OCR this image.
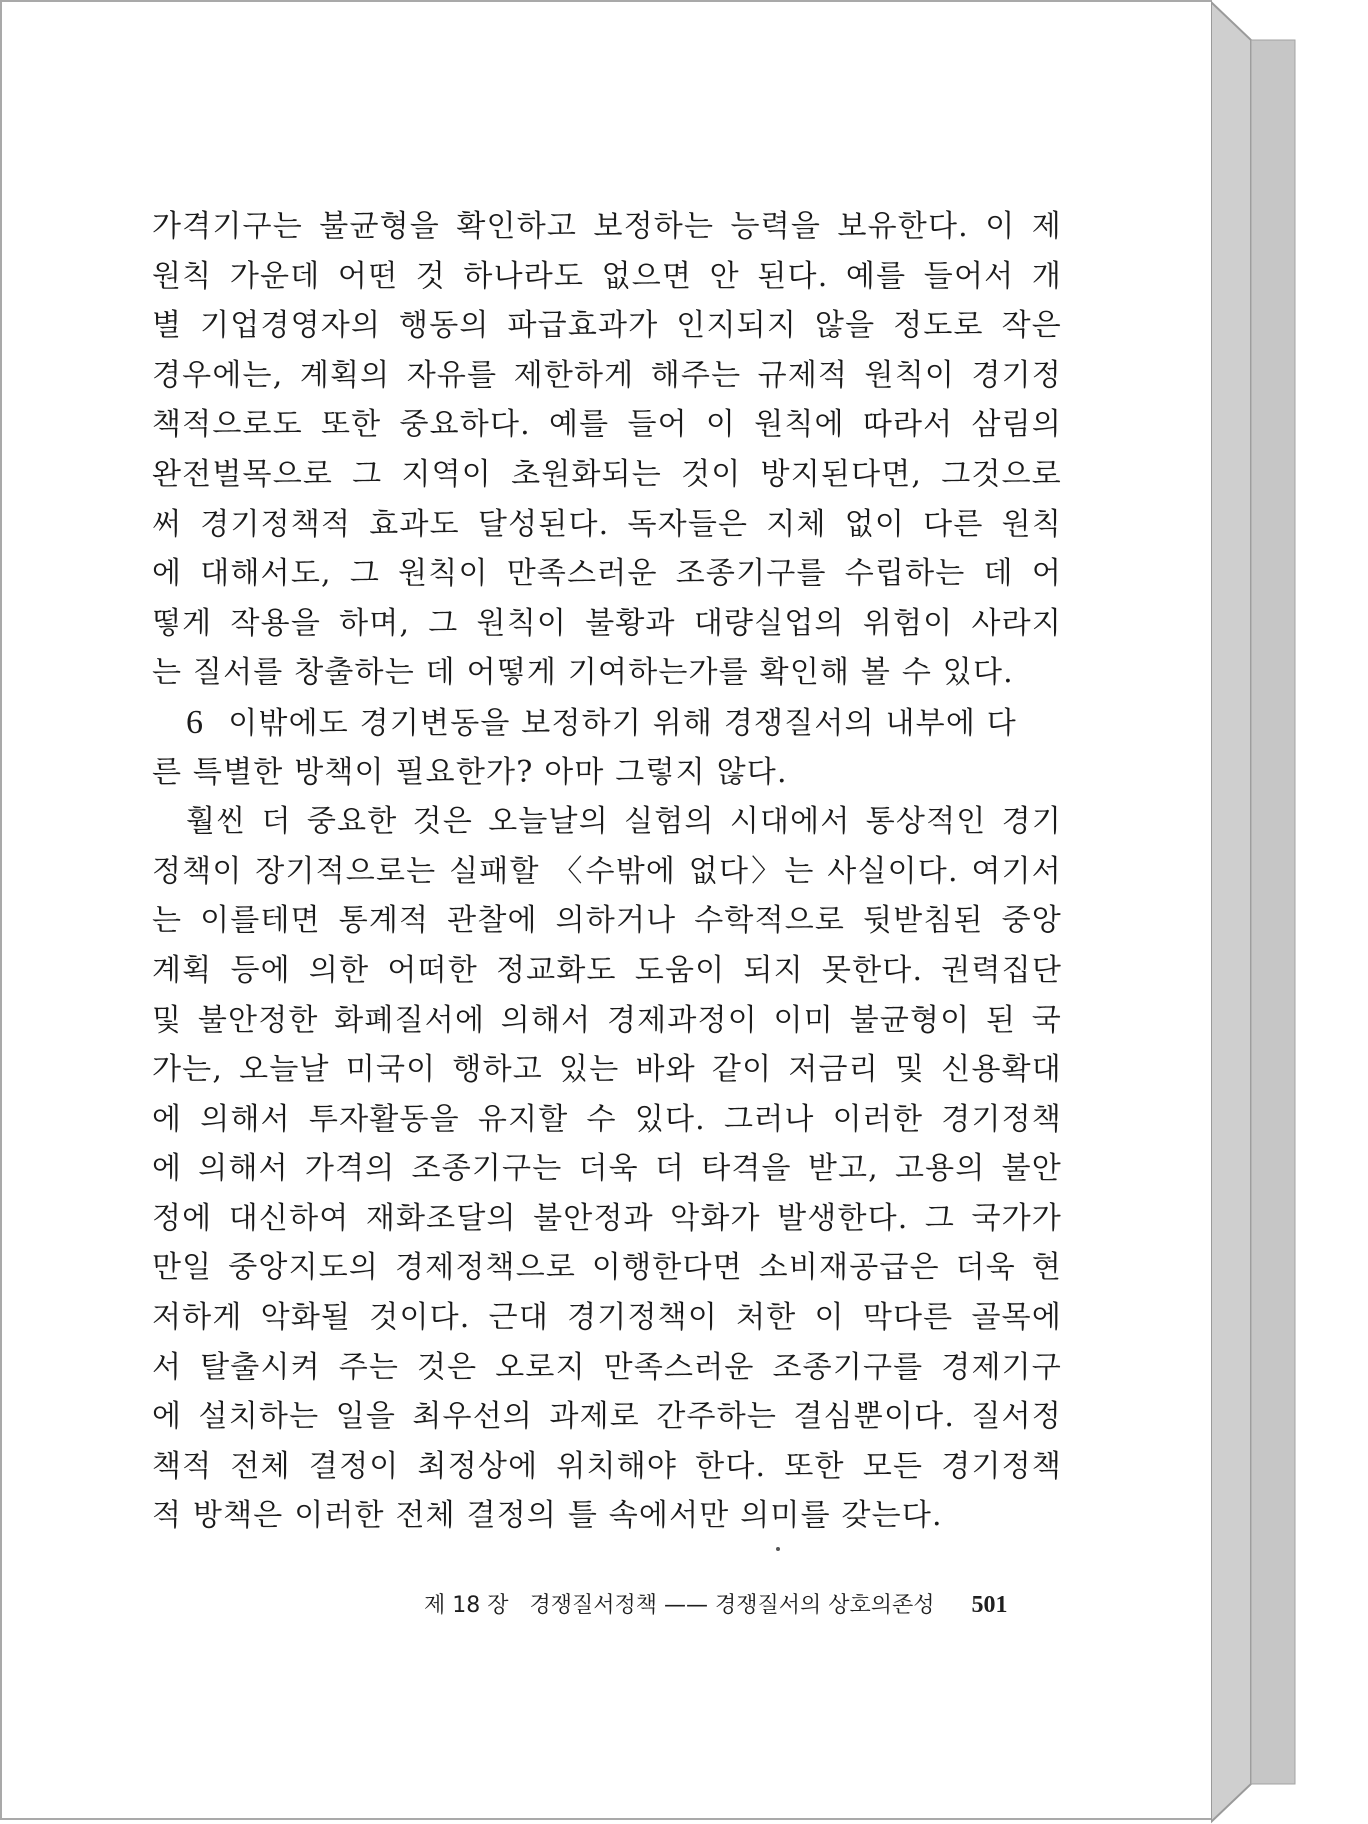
가격기구는 불균형을 확인하고 보정하는 능력을 보유한다. 이 제
원칙 가운데 어떤 것 하나라도 없으면 안 된다. 예를 들어서 개
별 기업경영자의 행동의 파급효과가 인지되지 않을 정도로 작은
경우에는, 계획의 자유를 제한하게 해주는 규제적 원칙이 경기정
책적으로도 또한 중요하다. 예를 들어 이 원칙에 따라서 삼림의
완전벌목으로 그 지역이 초원화되는 것이 방지된다면, 그것으로
써 경기정책적 효과도 달성된다. 독자들은 지체 없이 다른 원칙
에 대해서도, 그 원칙이 만족스러운 조종기구를 수립하는 데 어
떻게 작용을 하며, 그 원칙이 불황과 대량실업의 위험이 사라지
는 질서를 창출하는 데 어떻게 기여하는가를 확인해 볼 수 있다.
6 이밖에도 경기변동을 보정하기 위해 경쟁질서의 내부에 다
른 특별한 방책이 필요한가? 아마 그렇지 않다.
훨씬 더 중요한 것은 오늘날의 실험의 시대에서 통상적인 경기
정책이 장기적으로는 실패할 〈수밖에 없다〉는 사실이다. 여기서
는 이를테면 통계적 관찰에 의하거나 수학적으로 뒷받침된 중앙
계획 등에 의한 어떠한 정교화도 도움이 되지 못한다. 권력집단
및 불안정한 화폐질서에 의해서 경제과정이 이미 불균형이 된 국
가는, 오늘날 미국이 행하고 있는 바와 같이 저금리 및 신용확대
에 의해서 투자활동을 유지할 수 있다. 그러나 이러한 경기정책
에 의해서 가격의 조종기구는 더욱 더 타격을 받고, 고용의 불안
정에 대신하여 재화조달의 불안정과 악화가 발생한다. 그 국가가
만일 중앙지도의 경제정책으로 이행한다면 소비재공급은 더욱 현
저하게 악화될 것이다. 근대 경기정책이 처한 이 막다른 골목에
서 탈출시켜 주는 것은 오로지 만족스러운 조종기구를 경제기구
에 설치하는 일을 최우선의 과제로 간주하는 결심뿐이다. 질서정
책적 전체 결정이 최정상에 위치해야 한다. 또한 모든 경기정책
적 방책은 이러한 전체 결정의 틀 속에서만 의미를 갖는다.
제 18 장 경쟁질서정책 —— 경쟁질서의 상호의존성 501
